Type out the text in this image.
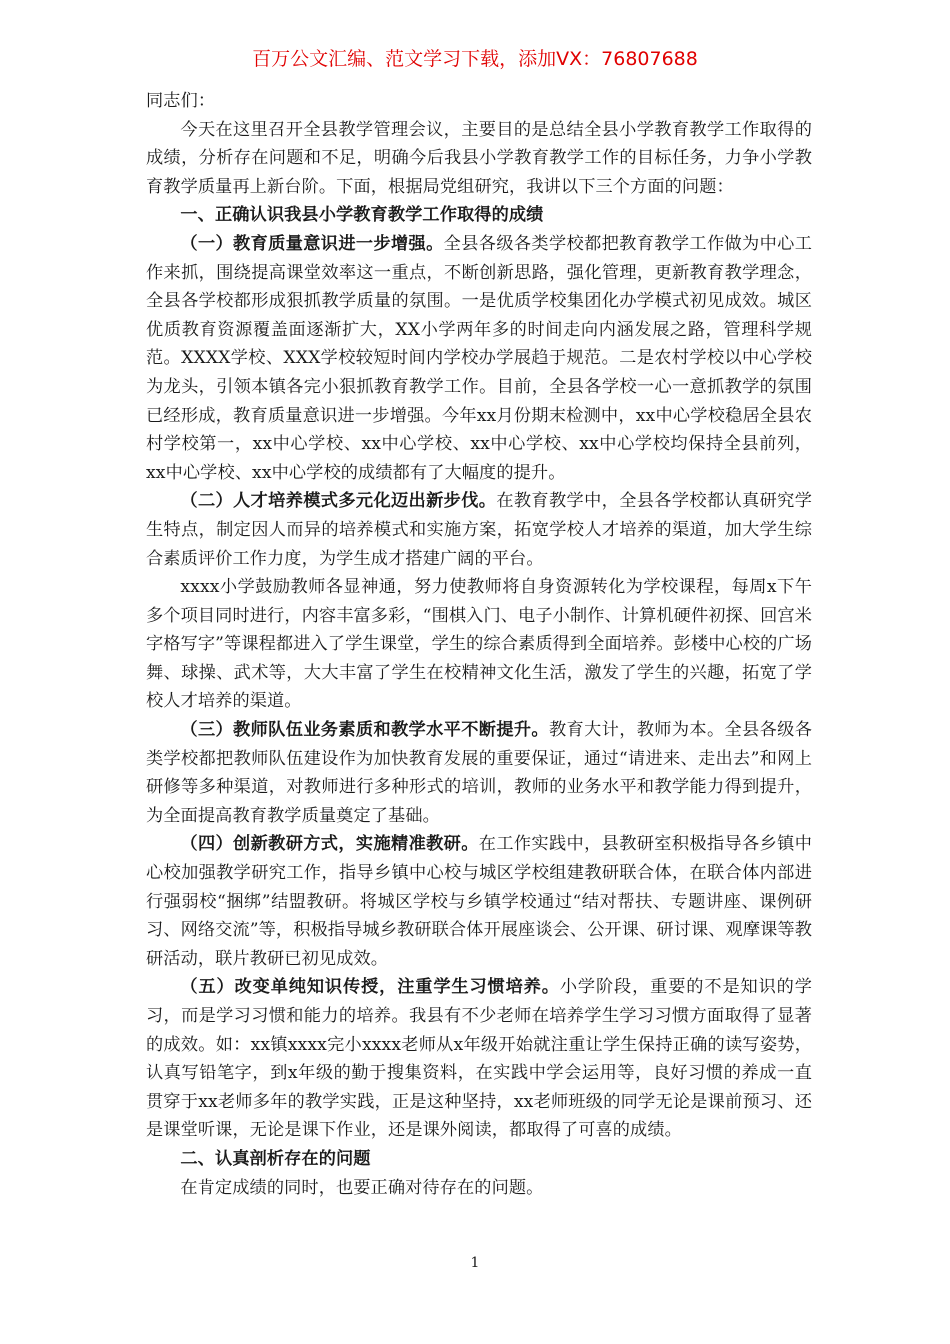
百万公文汇编、范文学习下载，添加VX：76807688

同志们：

今天在这里召开全县教学管理会议，主要目的是总结全县小学教育教学工作取得的成绩，分析存在问题和不足，明确今后我县小学教育教学工作的目标任务，力争小学教育教学质量再上新台阶。下面，根据局党组研究，我讲以下三个方面的问题：

一、正确认识我县小学教育教学工作取得的成绩

（一）教育质量意识进一步增强。全县各级各类学校都把教育教学工作做为中心工作来抓，围绕提高课堂效率这一重点，不断创新思路，强化管理，更新教育教学理念，全县各学校都形成狠抓教学质量的氛围。一是优质学校集团化办学模式初见成效。城区优质教育资源覆盖面逐渐扩大，XX小学两年多的时间走向内涵发展之路，管理科学规范。XXXX学校、XXX学校较短时间内学校办学展趋于规范。二是农村学校以中心学校为龙头，引领本镇各完小狠抓教育教学工作。目前，全县各学校一心一意抓教学的氛围已经形成，教育质量意识进一步增强。今年xx月份期末检测中，xx中心学校稳居全县农村学校第一，xx中心学校、xx中心学校、xx中心学校、xx中心学校均保持全县前列，xx中心学校、xx中心学校的成绩都有了大幅度的提升。

（二）人才培养模式多元化迈出新步伐。在教育教学中，全县各学校都认真研究学生特点，制定因人而异的培养模式和实施方案，拓宽学校人才培养的渠道，加大学生综合素质评价工作力度，为学生成才搭建广阔的平台。

xxxx小学鼓励教师各显神通，努力使教师将自身资源转化为学校课程，每周x下午多个项目同时进行，内容丰富多彩，“围棋入门、电子小制作、计算机硬件初探、回宫米字格写字”等课程都进入了学生课堂，学生的综合素质得到全面培养。彭楼中心校的广场舞、球操、武术等，大大丰富了学生在校精神文化生活，激发了学生的兴趣，拓宽了学校人才培养的渠道。

（三）教师队伍业务素质和教学水平不断提升。教育大计，教师为本。全县各级各类学校都把教师队伍建设作为加快教育发展的重要保证，通过“请进来、走出去”和网上研修等多种渠道，对教师进行多种形式的培训，教师的业务水平和教学能力得到提升，为全面提高教育教学质量奠定了基础。

（四）创新教研方式，实施精准教研。在工作实践中，县教研室积极指导各乡镇中心校加强教学研究工作，指导乡镇中心校与城区学校组建教研联合体，在联合体内部进行强弱校“捆绑”结盟教研。将城区学校与乡镇学校通过“结对帮扶、专题讲座、课例研习、网络交流”等，积极指导城乡教研联合体开展座谈会、公开课、研讨课、观摩课等教研活动，联片教研已初见成效。

（五）改变单纯知识传授，注重学生习惯培养。小学阶段，重要的不是知识的学习，而是学习习惯和能力的培养。我县有不少老师在培养学生学习习惯方面取得了显著的成效。如：xx镇xxxx完小xxxx老师从x年级开始就注重让学生保持正确的读写姿势，认真写铅笔字，到x年级的勤于搜集资料，在实践中学会运用等，良好习惯的养成一直贯穿于xx老师多年的教学实践，正是这种坚持，xx老师班级的同学无论是课前预习、还是课堂听课，无论是课下作业，还是课外阅读，都取得了可喜的成绩。

二、认真剖析存在的问题

在肯定成绩的同时，也要正确对待存在的问题。

1
